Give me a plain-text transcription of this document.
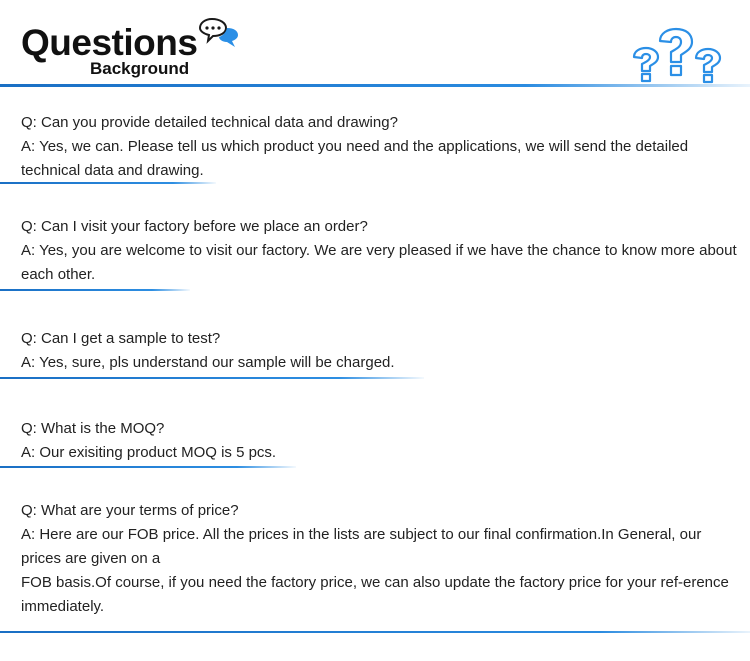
Questions
Background

Q: Can you provide detailed technical data and drawing?

A: Yes, we can. Please tell us which product you need and the applications, we will send the detailed technical data and drawing.

Q: Can I visit your factory before we place an order?

A: Yes, you are welcome to visit our factory. We are very pleased if we have the chance to know more about each other.

Q: Can I get a sample to test?

A: Yes, sure, pls understand our sample will be charged.

Q: What is the MOQ?

A: Our exisiting product MOQ is 5 pcs.

Q: What are your terms of price?

A: Here are our FOB price. All the prices in the lists are subject to our final confirmation.In General, our prices are given on a

FOB basis.Of course, if you need the factory price, we can also update the factory price for your ref-erence immediately.
